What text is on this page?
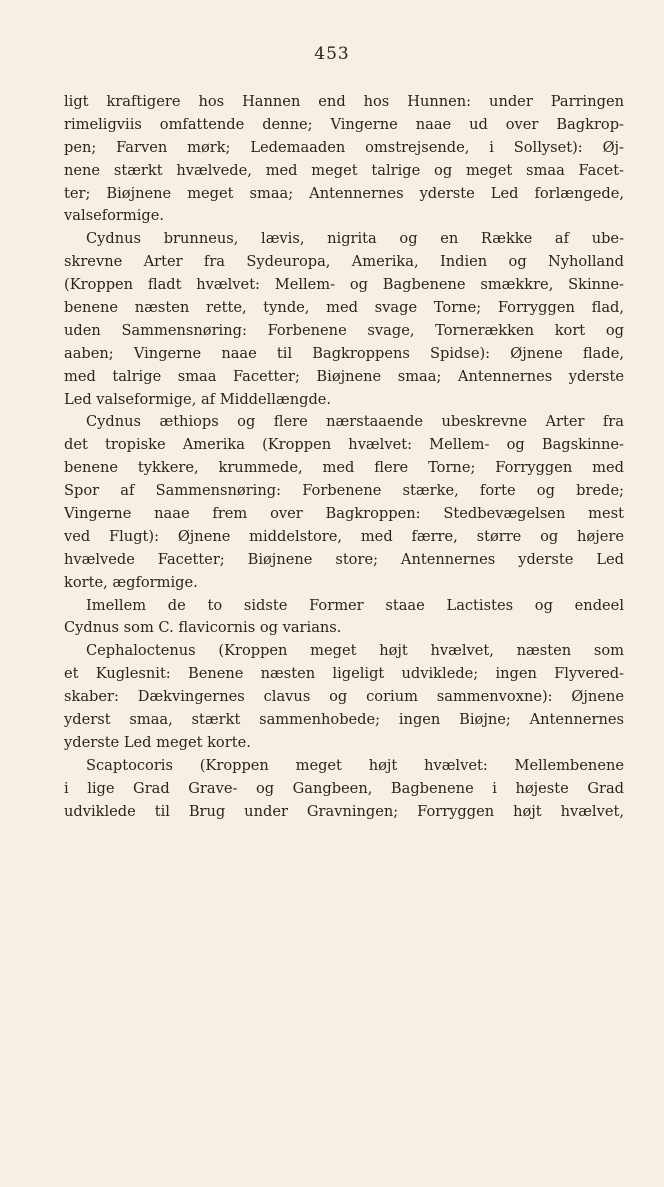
453
ligt kraftigere hos Hannen end hos Hunnen: under Parringen
rimeligviis omfattende denne; Vingerne naae ud over Bagkrop-
pen; Farven mørk; Ledemaaden omstrejsende, i Sollyset): Øj-
nene stærkt hvælvede, med meget talrige og meget smaa Facet-
ter; Biøjnene meget smaa; Antennernes yderste Led forlængede,
valseformige.
Cydnus brunneus, lævis, nigrita og en Række af ube-
skrevne Arter fra Sydeuropa, Amerika, Indien og Nyholland
(Kroppen fladt hvælvet: Mellem- og Bagbenene smækkre, Skinne-
benene næsten rette, tynde, med svage Torne; Forryggen flad,
uden Sammensnøring: Forbenene svage, Tornerækken kort og
aaben; Vingerne naae til Bagkroppens Spidse): Øjnene flade,
med talrige smaa Facetter; Biøjnene smaa; Antennernes yderste
Led valseformige, af Middellængde.
Cydnus æthiops og flere nærstaaende ubeskrevne Arter fra
det tropiske Amerika (Kroppen hvælvet: Mellem- og Bagskinne-
benene tykkere, krummede, med flere Torne; Forryggen med
Spor af Sammensnøring: Forbenene stærke, forte og brede;
Vingerne naae frem over Bagkroppen: Stedbevægelsen mest
ved Flugt): Øjnene middelstore, med færre, større og højere
hvælvede Facetter; Biøjnene store; Antennernes yderste Led
korte, ægformige.
Imellem de to sidste Former staae Lactistes og endeel
Cydnus som C. flavicornis og varians.
Cephaloctenus (Kroppen meget højt hvælvet, næsten som
et Kuglesnit: Benene næsten ligeligt udviklede; ingen Flyvered-
skaber: Dækvingernes clavus og corium sammenvoxne): Øjnene
yderst smaa, stærkt sammenhobede; ingen Biøjne; Antennernes
yderste Led meget korte.
Scaptocoris (Kroppen meget højt hvælvet: Mellembenene
i lige Grad Grave- og Gangbeen, Bagbenene i højeste Grad
udviklede til Brug under Gravningen; Forryggen højt hvælvet,
